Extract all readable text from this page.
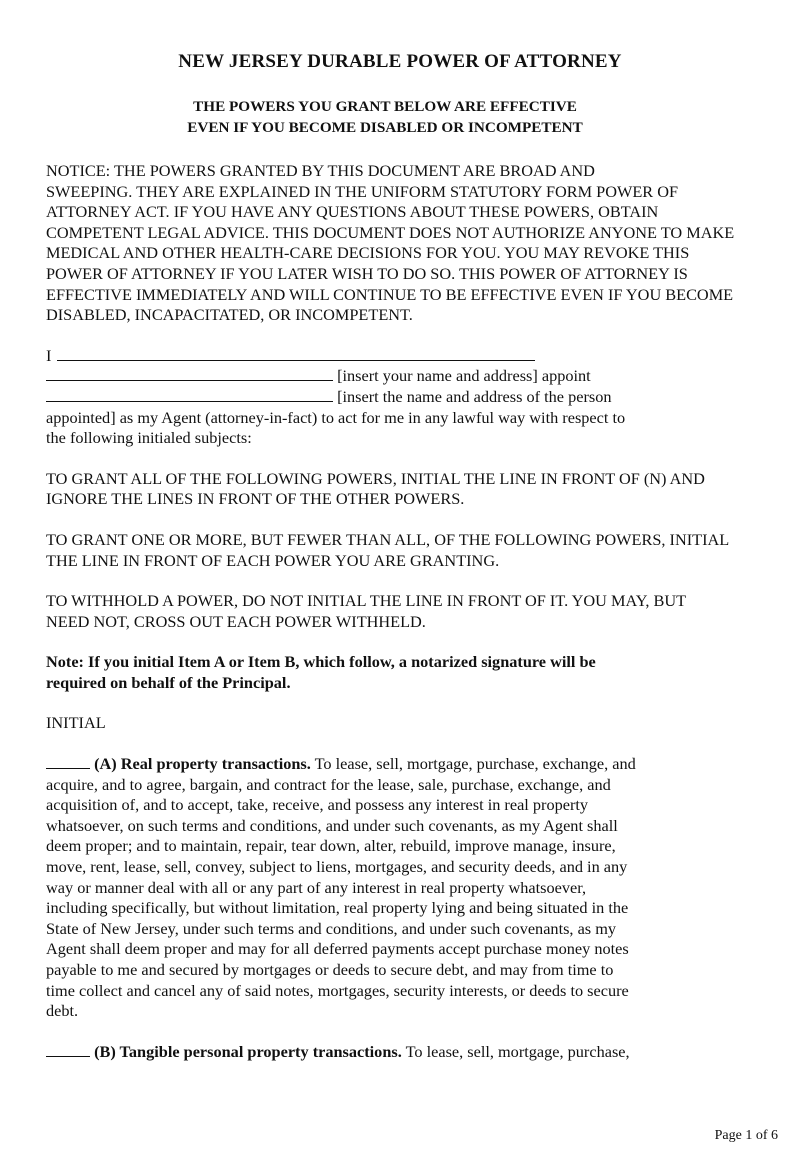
NEW JERSEY DURABLE POWER OF ATTORNEY
THE POWERS YOU GRANT BELOW ARE EFFECTIVE
EVEN IF YOU BECOME DISABLED OR INCOMPETENT

NOTICE: THE POWERS GRANTED BY THIS DOCUMENT ARE BROAD AND
SWEEPING. THEY ARE EXPLAINED IN THE UNIFORM STATUTORY FORM POWER OF
ATTORNEY ACT. IF YOU HAVE ANY QUESTIONS ABOUT THESE POWERS, OBTAIN
COMPETENT LEGAL ADVICE. THIS DOCUMENT DOES NOT AUTHORIZE ANYONE TO MAKE
MEDICAL AND OTHER HEALTH-CARE DECISIONS FOR YOU. YOU MAY REVOKE THIS
POWER OF ATTORNEY IF YOU LATER WISH TO DO SO. THIS POWER OF ATTORNEY IS
EFFECTIVE IMMEDIATELY AND WILL CONTINUE TO BE EFFECTIVE EVEN IF YOU BECOME
DISABLED, INCAPACITATED, OR INCOMPETENT.

I
[insert your name and address] appoint
[insert the name and address of the person
appointed] as my Agent (attorney-in-fact) to act for me in any lawful way with respect to
the following initialed subjects:

TO GRANT ALL OF THE FOLLOWING POWERS, INITIAL THE LINE IN FRONT OF (N) AND
IGNORE THE LINES IN FRONT OF THE OTHER POWERS.

TO GRANT ONE OR MORE, BUT FEWER THAN ALL, OF THE FOLLOWING POWERS, INITIAL
THE LINE IN FRONT OF EACH POWER YOU ARE GRANTING.

TO WITHHOLD A POWER, DO NOT INITIAL THE LINE IN FRONT OF IT. YOU MAY, BUT
NEED NOT, CROSS OUT EACH POWER WITHHELD.

Note: If you initial Item A or Item B, which follow, a notarized signature will be
required on behalf of the Principal.

INITIAL

(A) Real property transactions. To lease, sell, mortgage, purchase, exchange, and
acquire, and to agree, bargain, and contract for the lease, sale, purchase, exchange, and
acquisition of, and to accept, take, receive, and possess any interest in real property
whatsoever, on such terms and conditions, and under such covenants, as my Agent shall
deem proper; and to maintain, repair, tear down, alter, rebuild, improve manage, insure,
move, rent, lease, sell, convey, subject to liens, mortgages, and security deeds, and in any
way or manner deal with all or any part of any interest in real property whatsoever,
including specifically, but without limitation, real property lying and being situated in the
State of New Jersey, under such terms and conditions, and under such covenants, as my
Agent shall deem proper and may for all deferred payments accept purchase money notes
payable to me and secured by mortgages or deeds to secure debt, and may from time to
time collect and cancel any of said notes, mortgages, security interests, or deeds to secure
debt.

(B) Tangible personal property transactions. To lease, sell, mortgage, purchase,

Page 1 of 6
